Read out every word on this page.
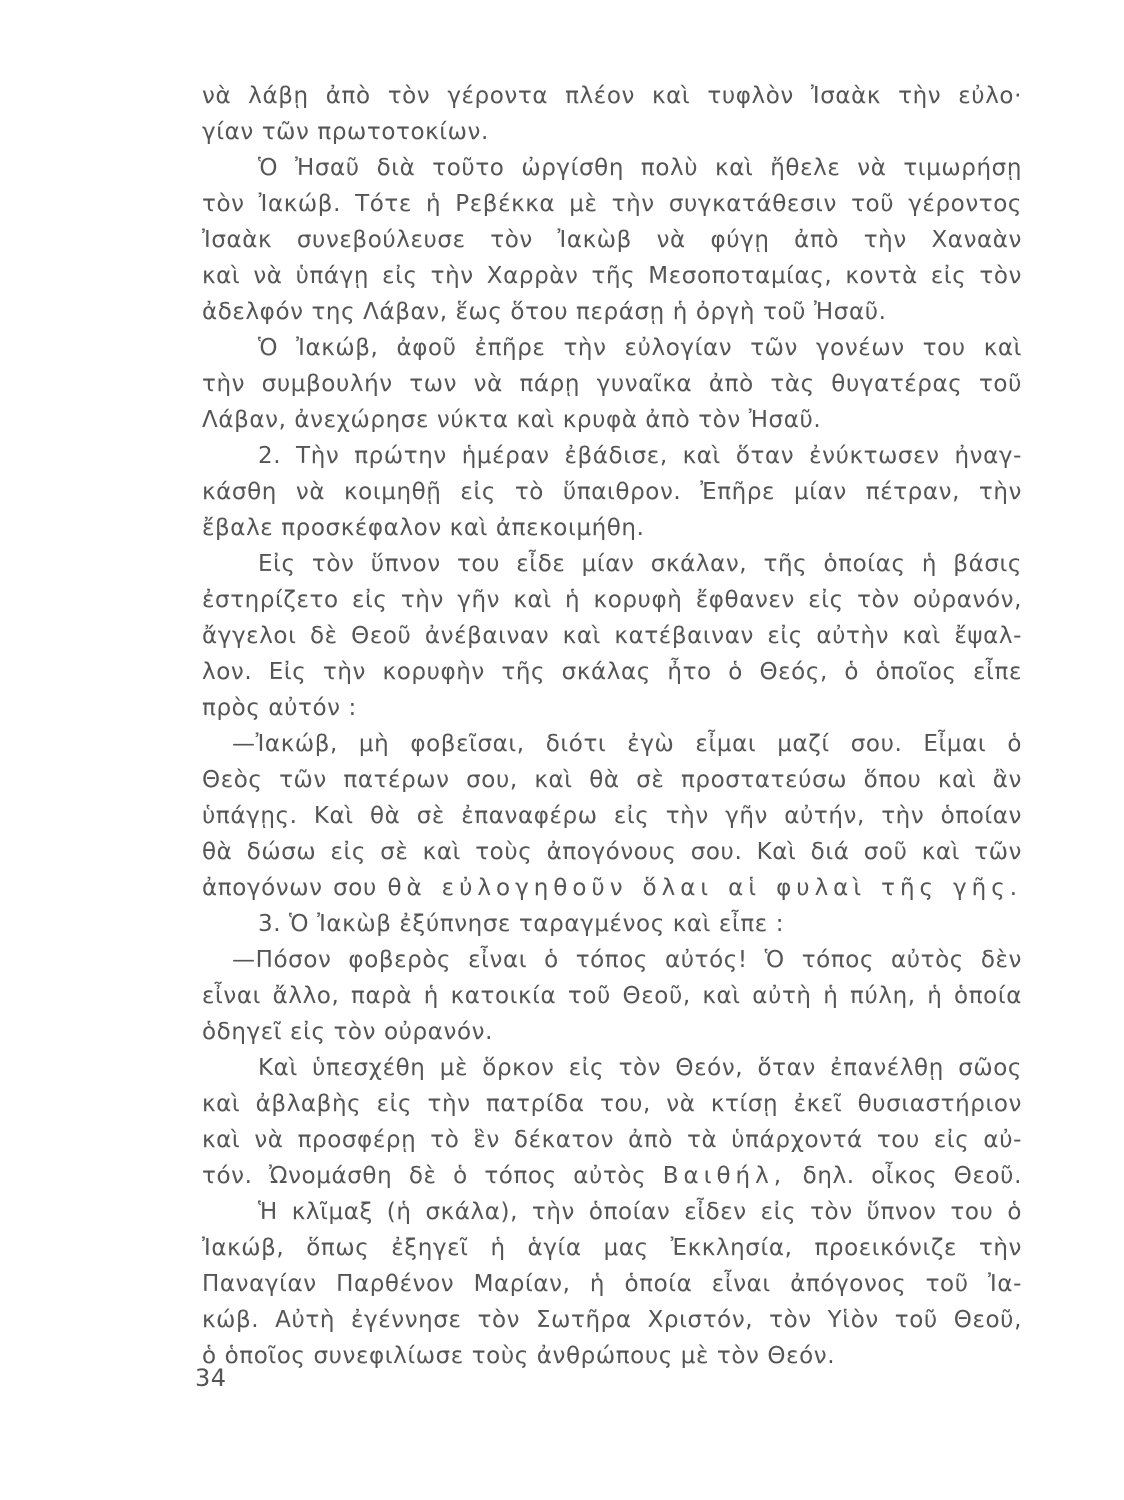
νὰ λάβῃ ἀπὸ τὸν γέροντα πλέον καὶ τυφλὸν Ἰσαὰκ τὴν εὐλο·
γίαν τῶν πρωτοτοκίων.
Ὁ Ἠσαῦ διὰ τοῦτο ὠργίσθη πολὺ καὶ ἤθελε νὰ τιμωρήσῃ
τὸν Ἰακώβ. Τότε ἡ Ρεβέκκα μὲ τὴν συγκατάθεσιν τοῦ γέροντος
Ἰσαὰκ συνεβούλευσε τὸν Ἰακὼβ νὰ φύγῃ ἀπὸ τὴν Χαναὰν
καὶ νὰ ὑπάγῃ εἰς τὴν Χαρρὰν τῆς Μεσοποταμίας, κοντὰ εἰς τὸν
ἀδελφόν της Λάβαν, ἕως ὅτου περάσῃ ἡ ὀργὴ τοῦ Ἠσαῦ.
Ὁ Ἰακώβ, ἀφοῦ ἐπῆρε τὴν εὐλογίαν τῶν γονέων του καὶ
τὴν συμβουλήν των νὰ πάρῃ γυναῖκα ἀπὸ τὰς θυγατέρας τοῦ
Λάβαν, ἀνεχώρησε νύκτα καὶ κρυφὰ ἀπὸ τὸν Ἠσαῦ.
2. Τὴν πρώτην ἡμέραν ἐβάδισε, καὶ ὅταν ἐνύκτωσεν ἠναγ-
κάσθη νὰ κοιμηθῇ εἰς τὸ ὕπαιθρον. Ἐπῆρε μίαν πέτραν, τὴν
ἔβαλε προσκέφαλον καὶ ἀπεκοιμήθη.
Εἰς τὸν ὕπνον του εἶδε μίαν σκάλαν, τῆς ὁποίας ἡ βάσις
ἐστηρίζετο εἰς τὴν γῆν καὶ ἡ κορυφὴ ἔφθανεν εἰς τὸν οὐρανόν,
ἄγγελοι δὲ Θεοῦ ἀνέβαιναν καὶ κατέβαιναν εἰς αὐτὴν καὶ ἔψαλ-
λον. Εἰς τὴν κορυφὴν τῆς σκάλας ἦτο ὁ Θεός, ὁ ὁποῖος εἶπε
πρὸς αὐτόν :
—Ἰακώβ, μὴ φοβεῖσαι, διότι ἐγὼ εἶμαι μαζί σου. Εἶμαι ὁ
Θεὸς τῶν πατέρων σου, καὶ θὰ σὲ προστατεύσω ὅπου καὶ ἂν
ὑπάγῃς. Καὶ θὰ σὲ ἐπαναφέρω εἰς τὴν γῆν αὐτήν, τὴν ὁποίαν
θὰ δώσω εἰς σὲ καὶ τοὺς ἀπογόνους σου. Καὶ διά σοῦ καὶ τῶν
ἀπογόνων σου θὰ εὐλογηθοῦν ὅλαι αἱ φυλαὶ τῆς γῆς.
3. Ὁ Ἰακὼβ ἐξύπνησε ταραγμένος καὶ εἶπε :
—Πόσον φοβερὸς εἶναι ὁ τόπος αὐτός! Ὁ τόπος αὐτὸς δὲν
εἶναι ἄλλο, παρὰ ἡ κατοικία τοῦ Θεοῦ, καὶ αὐτὴ ἡ πύλη, ἡ ὁποία
ὁδηγεῖ εἰς τὸν οὐρανόν.
Καὶ ὑπεσχέθη μὲ ὅρκον εἰς τὸν Θεόν, ὅταν ἐπανέλθῃ σῶος
καὶ ἀβλαβὴς εἰς τὴν πατρίδα του, νὰ κτίσῃ ἐκεῖ θυσιαστήριον
καὶ νὰ προσφέρῃ τὸ ἓν δέκατον ἀπὸ τὰ ὑπάρχοντά του εἰς αὐ-
τόν. Ὠνομάσθη δὲ ὁ τόπος αὐτὸς Βαιθήλ, δηλ. οἶκος Θεοῦ.
Ἡ κλῖμαξ (ἡ σκάλα), τὴν ὁποίαν εἶδεν εἰς τὸν ὕπνον του ὁ
Ἰακώβ, ὅπως ἐξηγεῖ ἡ ἁγία μας Ἐκκλησία, προεικόνιζε τὴν
Παναγίαν Παρθένον Μαρίαν, ἡ ὁποία εἶναι ἀπόγονος τοῦ Ἰα-
κώβ. Αὐτὴ ἐγέννησε τὸν Σωτῆρα Χριστόν, τὸν Υἱὸν τοῦ Θεοῦ,
ὁ ὁποῖος συνεφιλίωσε τοὺς ἀνθρώπους μὲ τὸν Θεόν.
34
